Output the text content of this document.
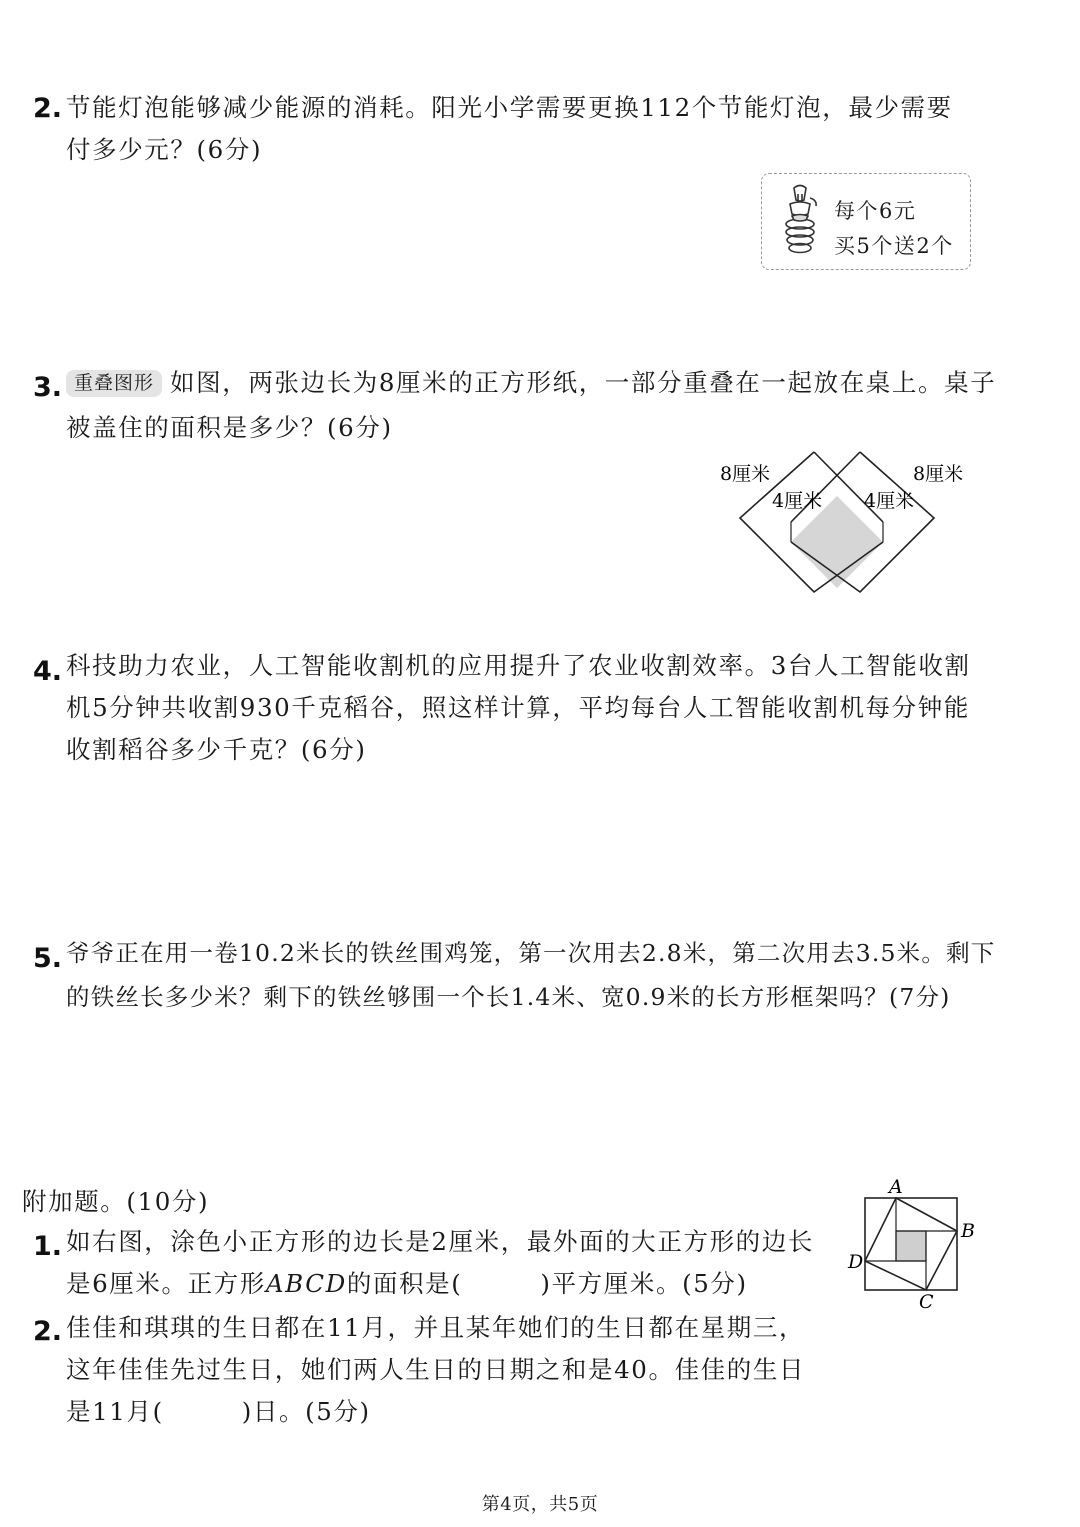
2. 节能灯泡能够减少能源的消耗。阳光小学需要更换112个节能灯泡，最少需要
付多少元？(6分)
每个6元
买5个送2个
3. 重叠图形 如图，两张边长为8厘米的正方形纸，一部分重叠在一起放在桌上。桌子
被盖住的面积是多少？(6分)
8厘米
4厘米 4厘米
8厘米
4. 科技助力农业，人工智能收割机的应用提升了农业收割效率。3台人工智能收割
机5分钟共收割930千克稻谷，照这样计算，平均每台人工智能收割机每分钟能
收割稻谷多少千克？(6分)
5. 爷爷正在用一卷10.2米长的铁丝围鸡笼，第一次用去2.8米，第二次用去3.5米。剩下
的铁丝长多少米？剩下的铁丝够围一个长1.4米、宽0.9米的长方形框架吗？(7分)
附加题。(10分)
1. 如右图，涂色小正方形的边长是2厘米，最外面的大正方形的边长
是6厘米。正方形ABCD的面积是(	)平方厘米。(5分)
A
B
C
D
2. 佳佳和琪琪的生日都在11月，并且某年她们的生日都在星期三，
这年佳佳先过生日，她们两人生日的日期之和是40。佳佳的生日
是11月(	)日。(5分)
第4页，共5页
